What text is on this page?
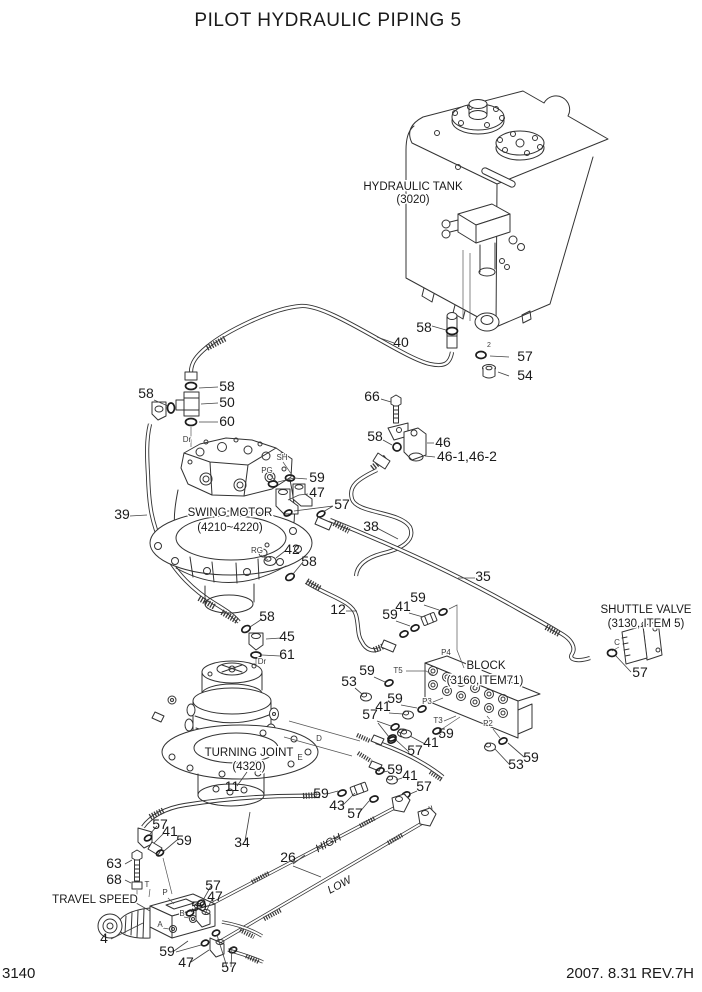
PILOT HYDRAULIC PIPING 5
HYDRAULIC TANK
(3020)
SWING MOTOR
(4210~4220)
TURNING JOINT
(4320)
SHUTTLE VALVE
(3130, ITEM 5)
BLOCK
(3160,ITEM71)
TRAVEL SPEED
58
57
54
40
58	58
50
60
66
58	46
46-1,46-2
59
47
57
38
35
39
42
58
12
59
41
59
58
45
61
59
53
59
41
57
57
59
53
59
41
57
59 41
57
11
57
41
59	34
26
63
68
59
43 57
57
47
59
4
59
47 57
Dr
SH
PG
RG
2
Dr
D
E
P4
T5
P3
T3	P2
C
T
P
B
A
HIGH
LOW
3140	2007. 8.31 REV.7H
